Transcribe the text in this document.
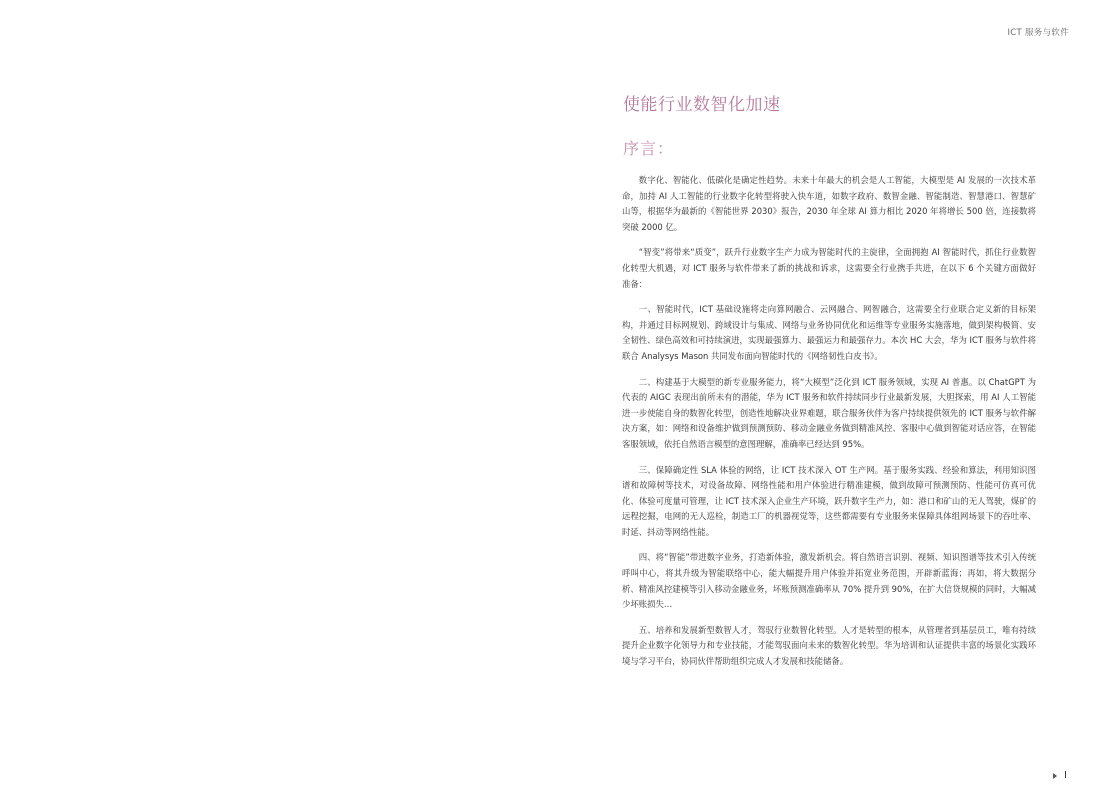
ICT 服务与软件
使能行业数智化加速
序言：

数字化、智能化、低碳化是确定性趋势。未来十年最大的机会是人工智能，大模型是 AI 发展的一次技术革命，加持 AI 人工智能的行业数字化转型将驶入快车道，如数字政府、数智金融、智能制造、智慧港口、智慧矿山等，根据华为最新的《智能世界 2030》报告，2030 年全球 AI 算力相比 2020 年将增长 500 倍，连接数将突破 2000 亿。

“智变”将带来“质变”，跃升行业数字生产力成为智能时代的主旋律，全面拥抱 AI 智能时代，抓住行业数智化转型大机遇，对 ICT 服务与软件带来了新的挑战和诉求，这需要全行业携手共进，在以下 6 个关键方面做好准备：

一、智能时代，ICT 基础设施将走向算网融合、云网融合、网智融合，这需要全行业联合定义新的目标架构，并通过目标网规划、跨域设计与集成、网络与业务协同优化和运维等专业服务实施落地，做到架构极简、安全韧性、绿色高效和可持续演进，实现最强算力、最强运力和最强存力。本次 HC 大会，华为 ICT 服务与软件将联合 Analysys Mason 共同发布面向智能时代的《网络韧性白皮书》。

二、构建基于大模型的新专业服务能力，将“大模型”泛化到 ICT 服务领域，实现 AI 普惠。以 ChatGPT 为代表的 AIGC 表现出前所未有的潜能，华为 ICT 服务和软件持续同步行业最新发展，大胆探索，用 AI 人工智能进一步使能自身的数智化转型，创造性地解决业界难题，联合服务伙伴为客户持续提供领先的 ICT 服务与软件解决方案，如：网络和设备维护做到预测预防、移动金融业务做到精准风控、客服中心做到智能对话应答，在智能客服领域，依托自然语言模型的意图理解，准确率已经达到 95%。

三、保障确定性 SLA 体验的网络，让 ICT 技术深入 OT 生产网。基于服务实践、经验和算法，利用知识图谱和故障树等技术，对设备故障、网络性能和用户体验进行精准建模，做到故障可预测预防、性能可仿真可优化、体验可度量可管理，让 ICT 技术深入企业生产环境，跃升数字生产力，如：港口和矿山的无人驾驶，煤矿的远程挖掘，电网的无人巡检，制造工厂的机器视觉等，这些都需要有专业服务来保障具体组网场景下的吞吐率、时延、抖动等网络性能。

四、将“智能”带进数字业务，打造新体验，激发新机会。将自然语言识别、视频、知识图谱等技术引入传统呼叫中心，将其升级为智能联络中心，能大幅提升用户体验并拓宽业务范围，开辟新蓝海；再如，将大数据分析、精准风控建模等引入移动金融业务，坏账预测准确率从 70% 提升到 90%，在扩大信贷规模的同时，大幅减少坏账损失…

五、培养和发展新型数智人才，驾驭行业数智化转型。人才是转型的根本，从管理者到基层员工，唯有持续提升企业数字化领导力和专业技能，才能驾驭面向未来的数智化转型。华为培训和认证提供丰富的场景化实践环境与学习平台，协同伙伴帮助组织完成人才发展和技能储备。

I
